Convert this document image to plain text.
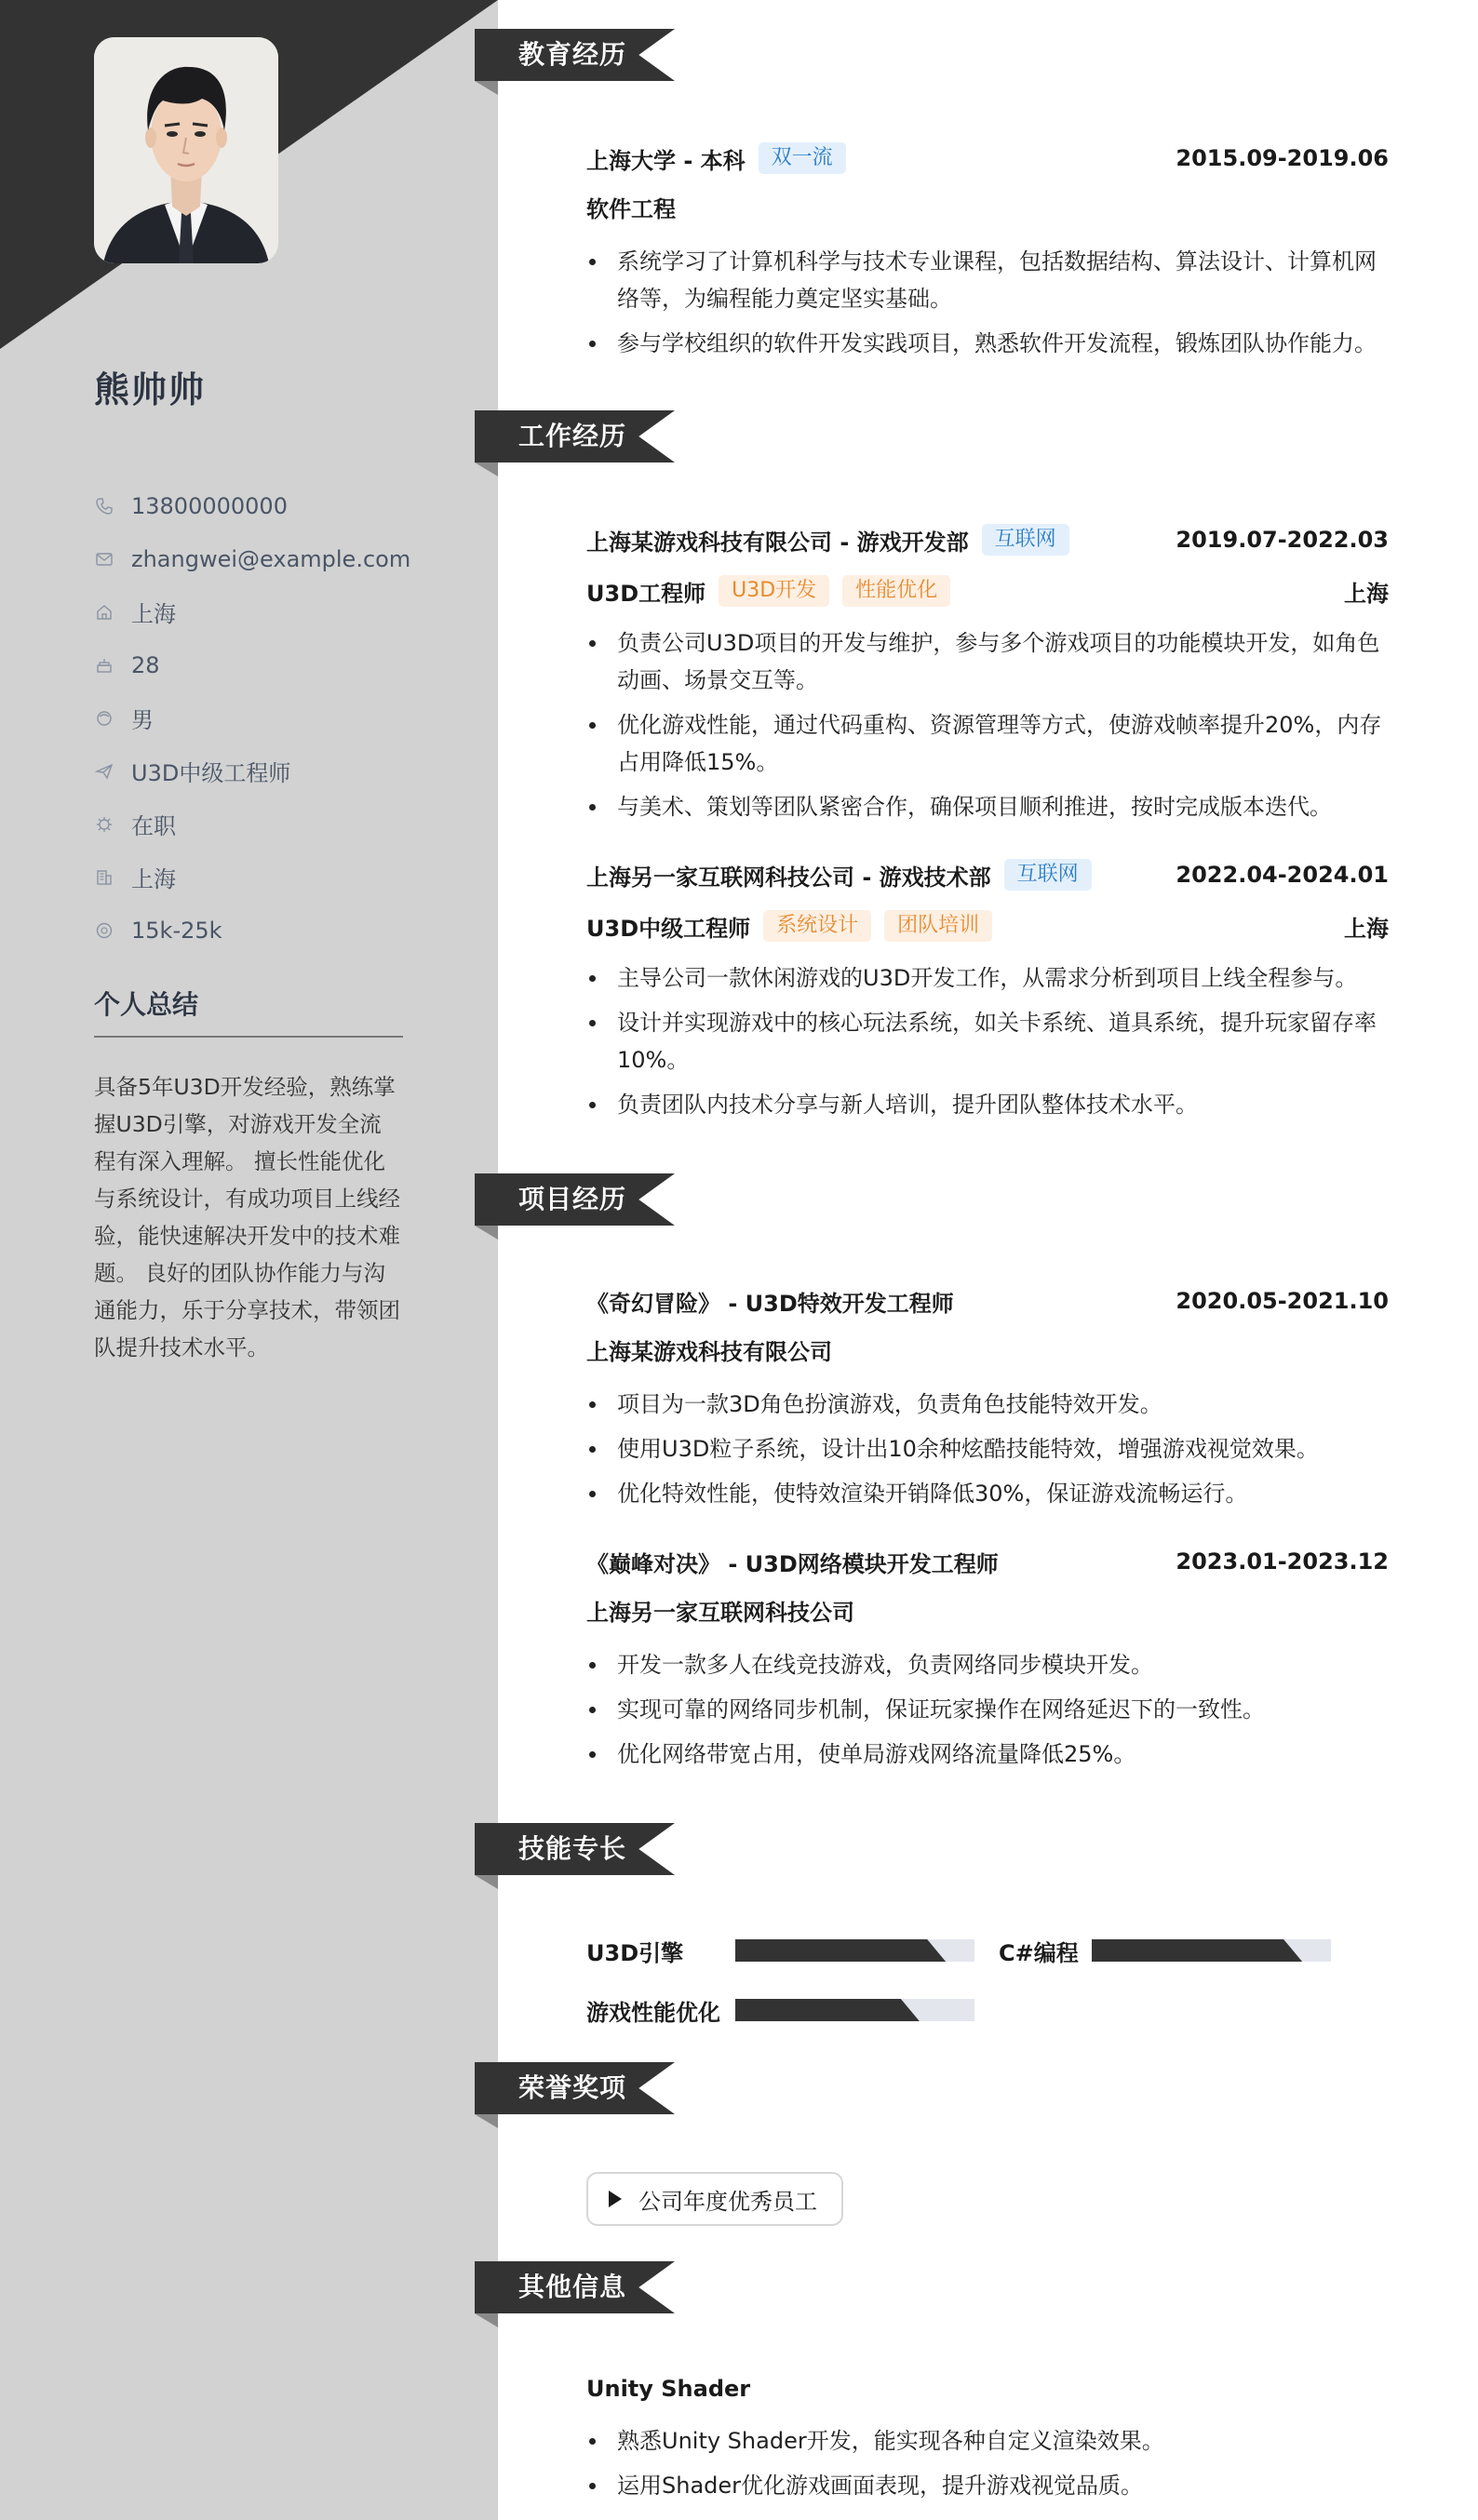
熊帅帅
13800000000
zhangwei@example.com
上海
28
男
U3D中级工程师
在职
上海
15k-25k
个人总结
具备5年U3D开发经验，熟练掌握U3D引擎，对游戏开发全流程有深入理解。 擅长性能优化与系统设计，有成功项目上线经验，能快速解决开发中的技术难题。 良好的团队协作能力与沟通能力，乐于分享技术，带领团队提升技术水平。
教育经历
上海大学 - 本科	双一流	2015.09-2019.06
软件工程
系统学习了计算机科学与技术专业课程，包括数据结构、算法设计、计算机网络等，为编程能力奠定坚实基础。
参与学校组织的软件开发实践项目，熟悉软件开发流程，锻炼团队协作能力。
工作经历
上海某游戏科技有限公司 - 游戏开发部	互联网	2019.07-2022.03
U3D工程师	U3D开发	性能优化	上海
负责公司U3D项目的开发与维护，参与多个游戏项目的功能模块开发，如角色动画、场景交互等。
优化游戏性能，通过代码重构、资源管理等方式，使游戏帧率提升20%，内存占用降低15%。
与美术、策划等团队紧密合作，确保项目顺利推进，按时完成版本迭代。
上海另一家互联网科技公司 - 游戏技术部	互联网	2022.04-2024.01
U3D中级工程师	系统设计	团队培训	上海
主导公司一款休闲游戏的U3D开发工作，从需求分析到项目上线全程参与。
设计并实现游戏中的核心玩法系统，如关卡系统、道具系统，提升玩家留存率10%。
负责团队内技术分享与新人培训，提升团队整体技术水平。
项目经历
《奇幻冒险》 - U3D特效开发工程师	2020.05-2021.10
上海某游戏科技有限公司
项目为一款3D角色扮演游戏，负责角色技能特效开发。
使用U3D粒子系统，设计出10余种炫酷技能特效，增强游戏视觉效果。
优化特效性能，使特效渲染开销降低30%，保证游戏流畅运行。
《巅峰对决》 - U3D网络模块开发工程师	2023.01-2023.12
上海另一家互联网科技公司
开发一款多人在线竞技游戏，负责网络同步模块开发。
实现可靠的网络同步机制，保证玩家操作在网络延迟下的一致性。
优化网络带宽占用，使单局游戏网络流量降低25%。
技能专长
U3D引擎	C#编程
游戏性能优化
荣誉奖项
公司年度优秀员工
其他信息
Unity Shader
熟悉Unity Shader开发，能实现各种自定义渲染效果。
运用Shader优化游戏画面表现，提升游戏视觉品质。
